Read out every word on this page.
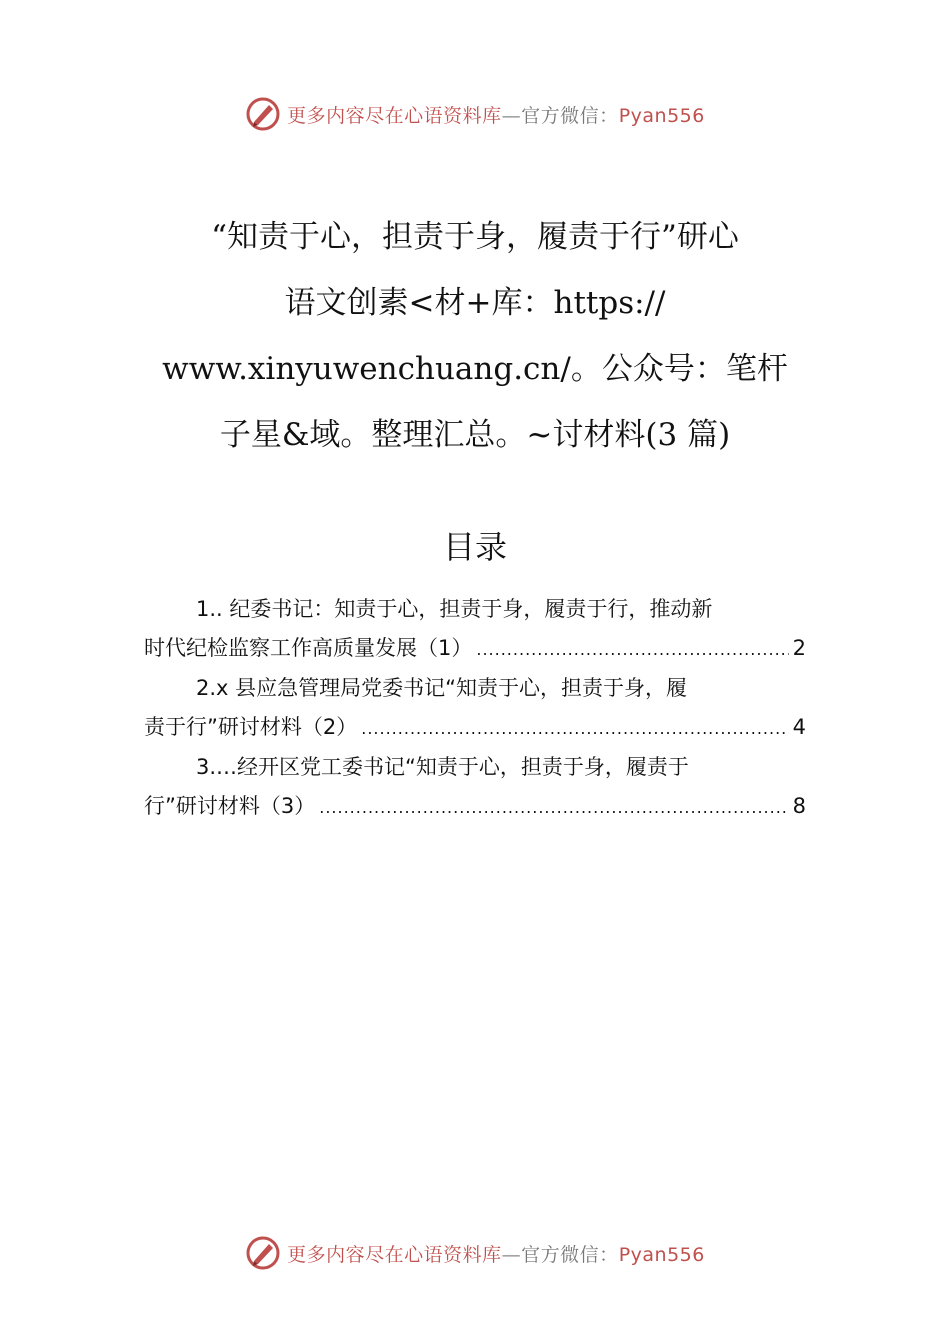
更多内容尽在心语资料库—官方微信：Pyan556
“知责于心，担责于身，履责于行”研心
语文创素<材+库：https://
www.xinyuwenchuang.cn/。公众号：笔杆
子星&域。整理汇总。~讨材料(3 篇)
目录
1.. 纪委书记：知责于心，担责于身，履责于行，推动新
时代纪检监察工作高质量发展（1） .....	2
2.x 县应急管理局党委书记“知责于心，担责于身，履
责于行”研讨材料（2） .....	4
3.…经开区党工委书记“知责于心，担责于身，履责于
行”研讨材料（3） .....	8
更多内容尽在心语资料库—官方微信：Pyan556
